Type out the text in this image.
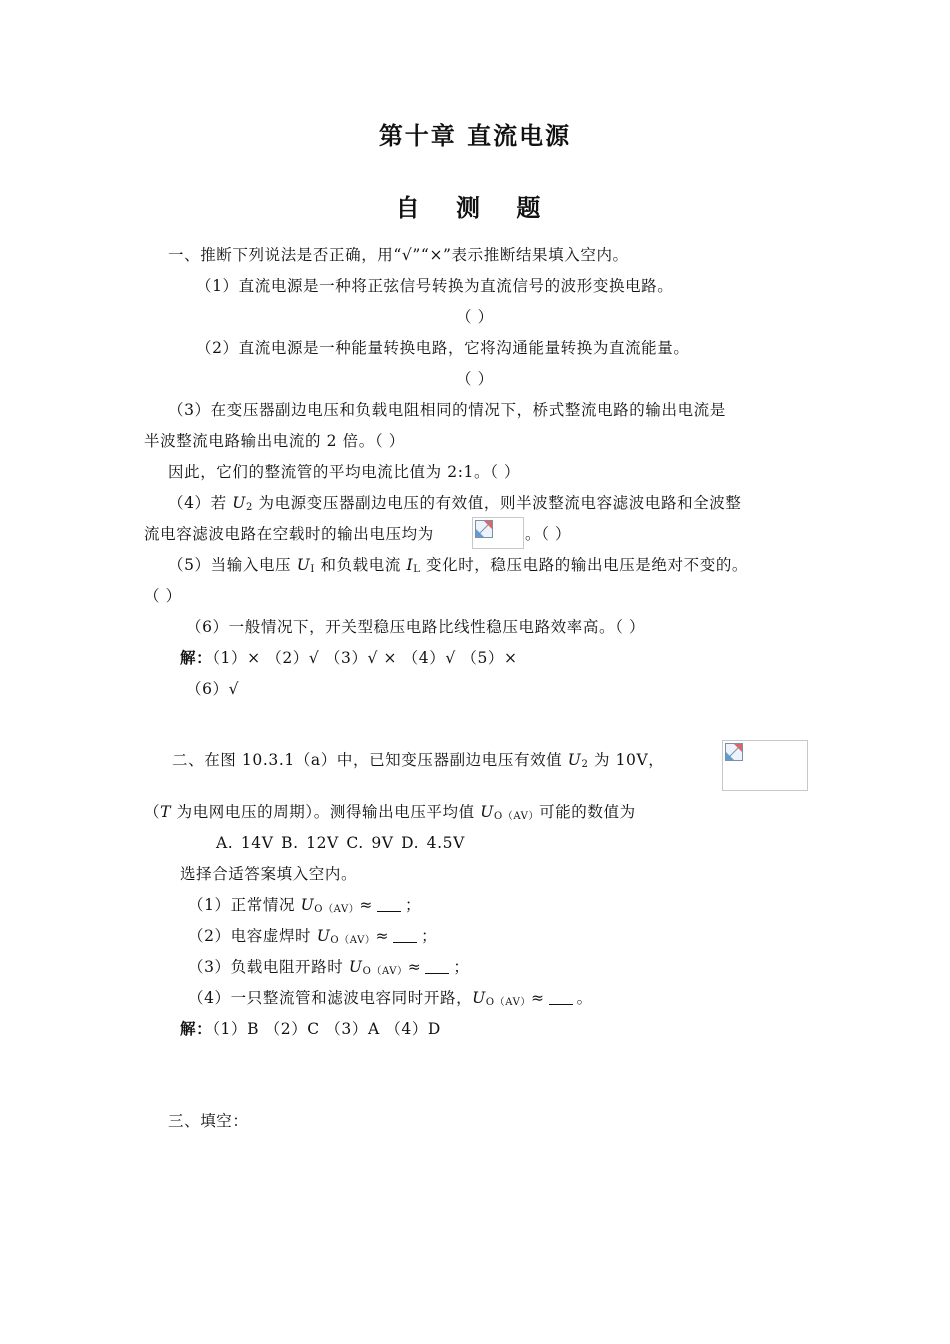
第十章 直流电源
自 测 题
一、推断下列说法是否正确，用“√”“×”表示推断结果填入空内。
（1）直流电源是一种将正弦信号转换为直流信号的波形变换电路。
（ ）
（2）直流电源是一种能量转换电路，它将沟通能量转换为直流能量。
（ ）
（3）在变压器副边电压和负载电阻相同的情况下，桥式整流电路的输出电流是
半波整流电路输出电流的 2 倍。（ ）
因此，它们的整流管的平均电流比值为 2:1。（ ）
（4）若 $U_2$ 为电源变压器副边电压的有效值，则半波整流电容滤波电路和全波整
流电容滤波电路在空载时的输出电压均为	。（ ）
（5）当输入电压 $U_I$ 和负载电流 $I_L$ 变化时，稳压电路的输出电压是绝对不变的。
（ ）
（6）一般情况下，开关型稳压电路比线性稳压电路效率高。（ ）
解：（1）× （2）√ （3）√ × （4）√ （5）×
（6）√
二、在图 10.3.1（a）中，已知变压器副边电压有效值 $U_2$ 为 10V，
（T 为电网电压的周期）。测得输出电压平均值 $U_{O(AV)}$可能的数值为
A. 14V B. 12V C. 9V D. 4.5V
选择合适答案填入空内。
（1）正常情况 $U_{O(AV)}\approx$ ；
（2）电容虚焊时 $U_{O(AV)}\approx$ ；
（3）负载电阻开路时 $U_{O(AV)}\approx$ ；
（4）一只整流管和滤波电容同时开路，$U_{O(AV)}\approx$ 。
解：（1）B （2）C （3）A （4）D
三、填空：
